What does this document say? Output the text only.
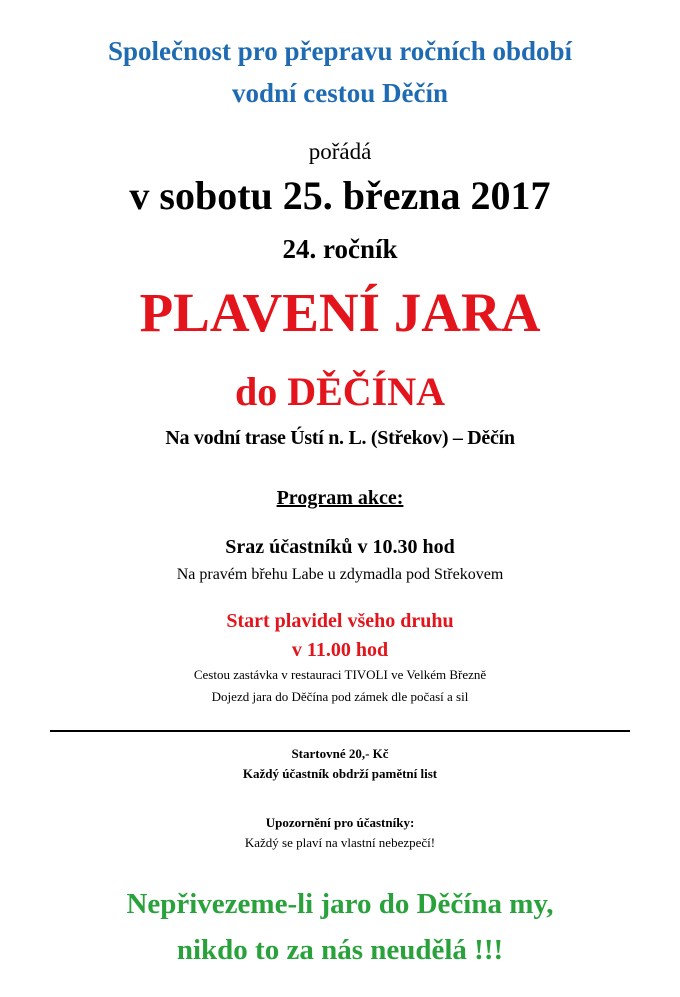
Společnost pro přepravu ročních období
vodní cestou Děčín
pořádá
v sobotu 25. března 2017
24. ročník
PLAVENÍ JARA
do DĚČÍNA
Na vodní trase Ústí n. L. (Střekov) – Děčín
Program akce:
Sraz účastníků v 10.30 hod
Na pravém břehu Labe u zdymadla pod Střekovem
Start plavidel všeho druhu
v 11.00 hod
Cestou zastávka v restauraci TIVOLI ve Velkém Březně
Dojezd jara do Děčína pod zámek dle počasí a sil
Startovné 20,- Kč
Každý účastník obdrží pamětní list
Upozornění pro účastníky:
Každý se plaví na vlastní nebezpečí!
Nepřivezeme-li jaro do Děčína my,
nikdo to za nás neudělá !!!
